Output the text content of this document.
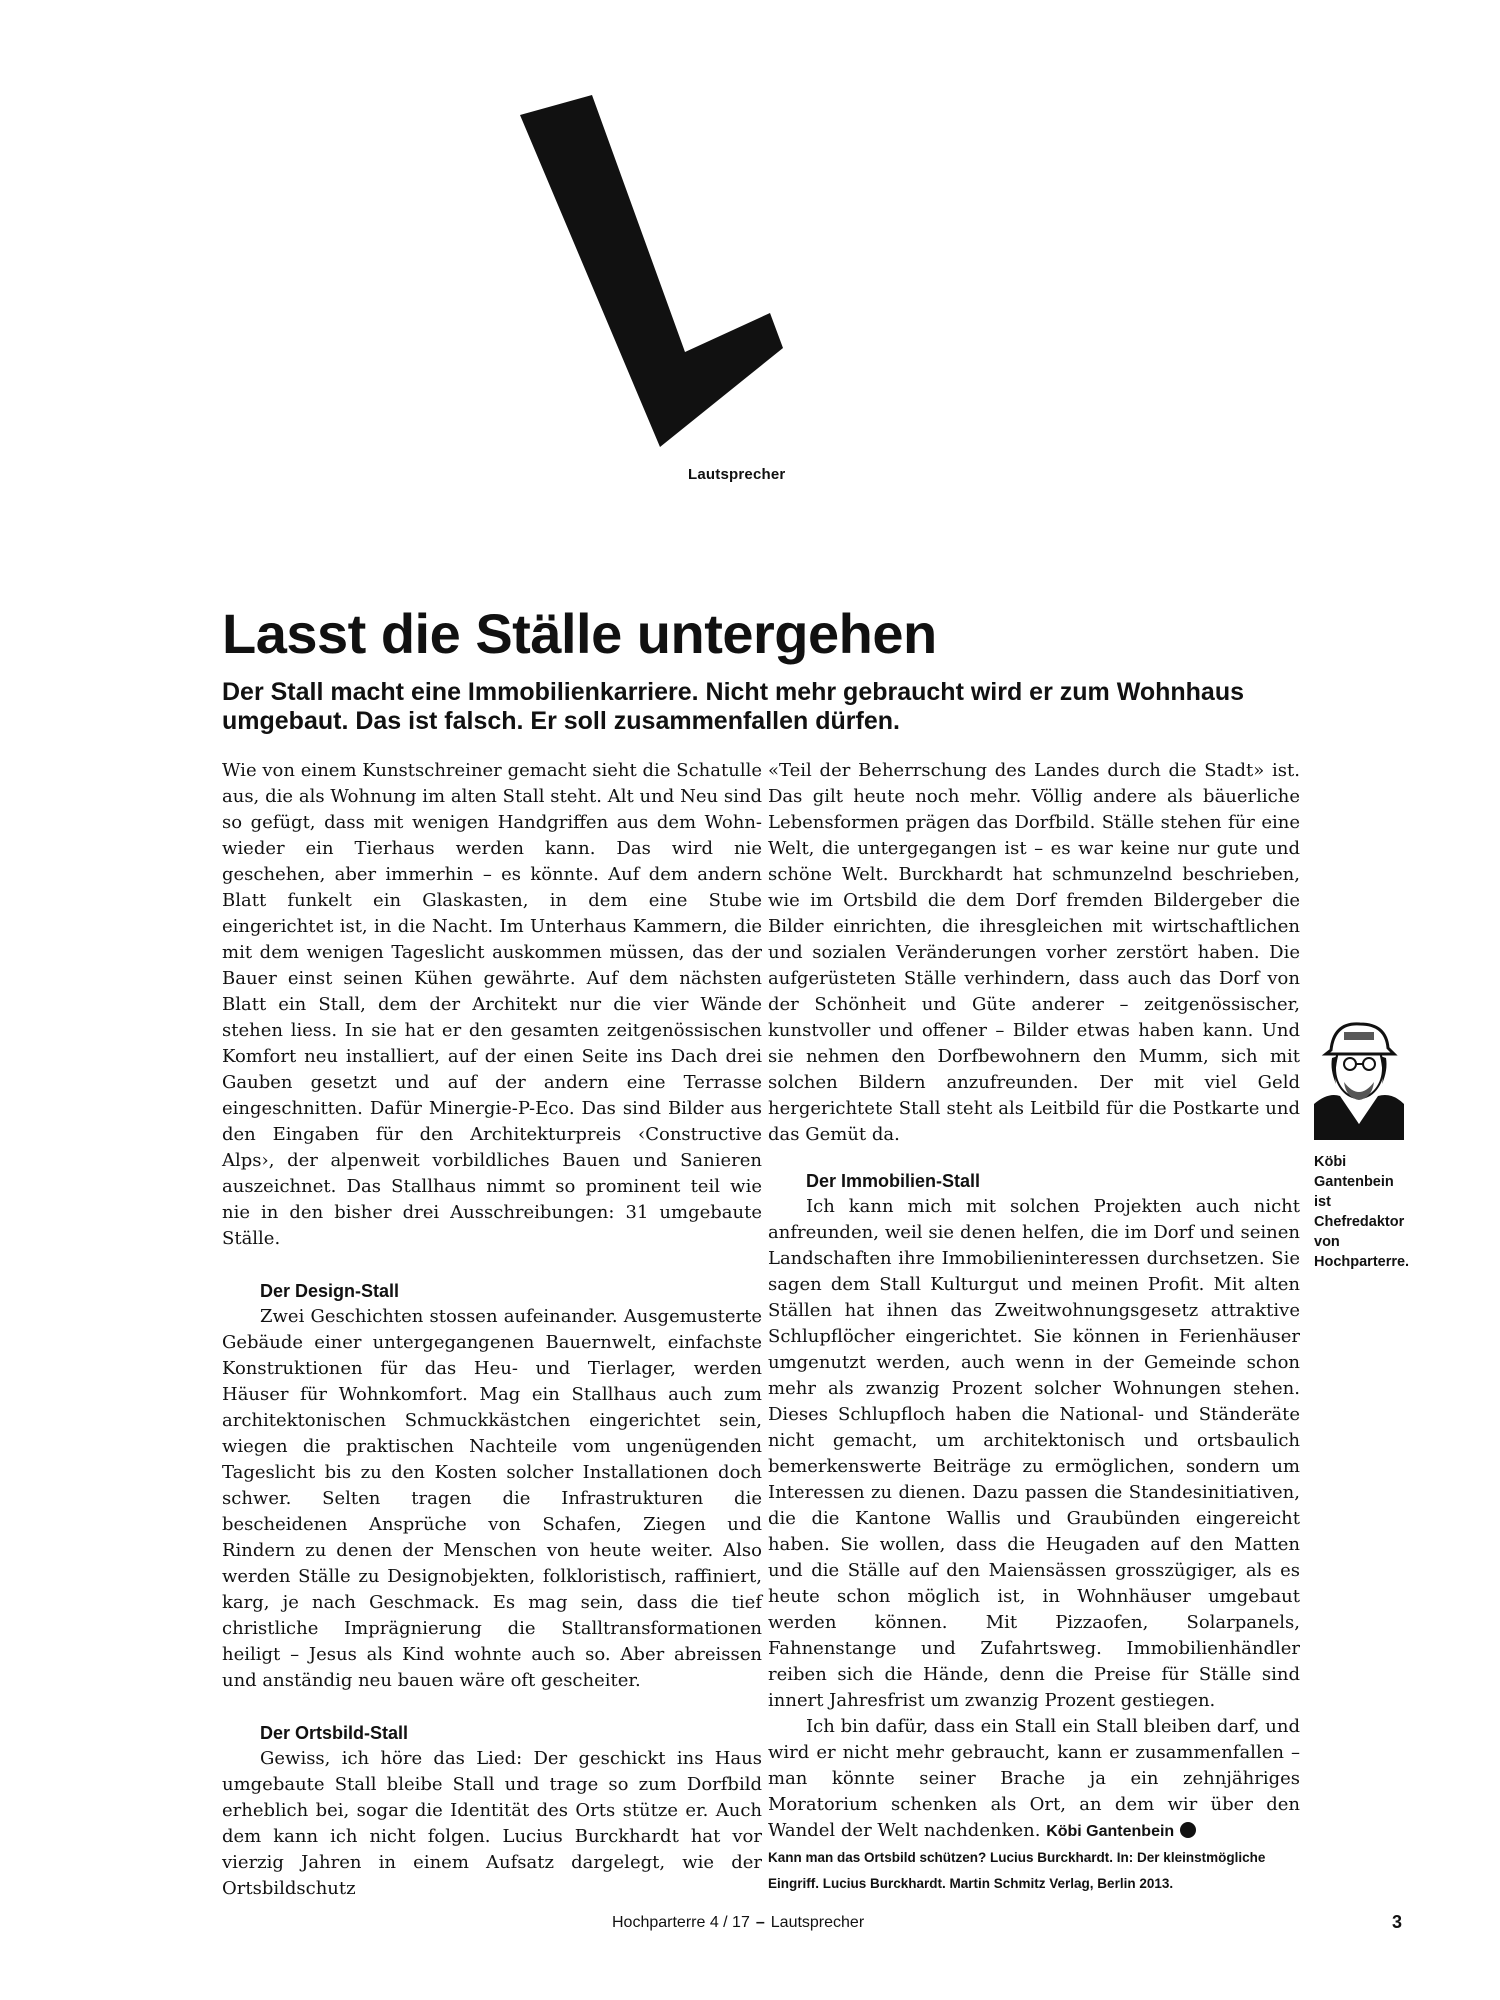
Lautsprecher
Lasst die Ställe untergehen

Der Stall macht eine Immobilienkarriere. Nicht mehr gebraucht wird er zum Wohnhaus umgebaut. Das ist falsch. Er soll zusammenfallen dürfen.

Wie von einem Kunstschreiner gemacht sieht die Schatulle aus, die als Wohnung im alten Stall steht. Alt und Neu sind so gefügt, dass mit wenigen Handgriffen aus dem Wohn- wieder ein Tierhaus werden kann. Das wird nie geschehen, aber immerhin – es könnte. Auf dem andern Blatt funkelt ein Glaskasten, in dem eine Stube eingerichtet ist, in die Nacht. Im Unterhaus Kammern, die mit dem wenigen Tageslicht auskommen müssen, das der Bauer einst seinen Kühen gewährte. Auf dem nächsten Blatt ein Stall, dem der Architekt nur die vier Wände stehen liess. In sie hat er den gesamten zeitgenössischen Komfort neu installiert, auf der einen Seite ins Dach drei Gauben gesetzt und auf der andern eine Terrasse eingeschnitten. Dafür Minergie-P-Eco. Das sind Bilder aus den Eingaben für den Architekturpreis ‹Constructive Alps›, der alpenweit vorbildliches Bauen und Sanieren auszeichnet. Das Stallhaus nimmt so prominent teil wie nie in den bisher drei Ausschreibungen: 31 umgebaute Ställe.

Der Design-Stall

Zwei Geschichten stossen aufeinander. Ausgemusterte Gebäude einer untergegangenen Bauernwelt, einfachste Konstruktionen für das Heu- und Tierlager, werden Häuser für Wohnkomfort. Mag ein Stallhaus auch zum architektonischen Schmuckkästchen eingerichtet sein, wiegen die praktischen Nachteile vom ungenügenden Tageslicht bis zu den Kosten solcher Installationen doch schwer. Selten tragen die Infrastrukturen die bescheidenen Ansprüche von Schafen, Ziegen und Rindern zu denen der Menschen von heute weiter. Also werden Ställe zu Designobjekten, folkloristisch, raffiniert, karg, je nach Geschmack. Es mag sein, dass die tief christliche Imprägnierung die Stalltransformationen heiligt – Jesus als Kind wohnte auch so. Aber abreissen und anständig neu bauen wäre oft gescheiter.

Der Ortsbild-Stall

Gewiss, ich höre das Lied: Der geschickt ins Haus umgebaute Stall bleibe Stall und trage so zum Dorfbild erheblich bei, sogar die Identität des Orts stütze er. Auch dem kann ich nicht folgen. Lucius Burckhardt hat vor vierzig Jahren in einem Aufsatz dargelegt, wie der Ortsbildschutz

«Teil der Beherrschung des Landes durch die Stadt» ist. Das gilt heute noch mehr. Völlig andere als bäuerliche Lebensformen prägen das Dorfbild. Ställe stehen für eine Welt, die untergegangen ist – es war keine nur gute und schöne Welt. Burckhardt hat schmunzelnd beschrieben, wie im Ortsbild die dem Dorf fremden Bildergeber die Bilder einrichten, die ihresgleichen mit wirtschaftlichen und sozialen Veränderungen vorher zerstört haben. Die aufgerüsteten Ställe verhindern, dass auch das Dorf von der Schönheit und Güte anderer – zeitgenössischer, kunstvoller und offener – Bilder etwas haben kann. Und sie nehmen den Dorfbewohnern den Mumm, sich mit solchen Bildern anzufreunden. Der mit viel Geld hergerichtete Stall steht als Leitbild für die Postkarte und das Gemüt da.

Der Immobilien-Stall

Ich kann mich mit solchen Projekten auch nicht anfreunden, weil sie denen helfen, die im Dorf und seinen Landschaften ihre Immobilieninteressen durchsetzen. Sie sagen dem Stall Kulturgut und meinen Profit. Mit alten Ställen hat ihnen das Zweitwohnungsgesetz attraktive Schlupflöcher eingerichtet. Sie können in Ferienhäuser umgenutzt werden, auch wenn in der Gemeinde schon mehr als zwanzig Prozent solcher Wohnungen stehen. Dieses Schlupfloch haben die National- und Ständeräte nicht gemacht, um architektonisch und ortsbaulich bemerkenswerte Beiträge zu ermöglichen, sondern um Interessen zu dienen. Dazu passen die Standesinitiativen, die die Kantone Wallis und Graubünden eingereicht haben. Sie wollen, dass die Heugaden auf den Matten und die Ställe auf den Maiensässen grosszügiger, als es heute schon möglich ist, in Wohnhäuser umgebaut werden können. Mit Pizzaofen, Solarpanels, Fahnenstange und Zufahrtsweg. Immobilienhändler reiben sich die Hände, denn die Preise für Ställe sind innert Jahresfrist um zwanzig Prozent gestiegen.

Ich bin dafür, dass ein Stall ein Stall bleiben darf, und wird er nicht mehr gebraucht, kann er zusammenfallen – man könnte seiner Brache ja ein zehnjähriges Moratorium schenken als Ort, an dem wir über den Wandel der Welt nachdenken. Köbi Gantenbein

Kann man das Ortsbild schützen? Lucius Burckhardt. In: Der kleinstmögliche Eingriff. Lucius Burckhardt. Martin Schmitz Verlag, Berlin 2013.

Köbi Gantenbein ist Chefredaktor von Hochparterre.
Hochparterre 4 / 17 – Lautsprecher	3
